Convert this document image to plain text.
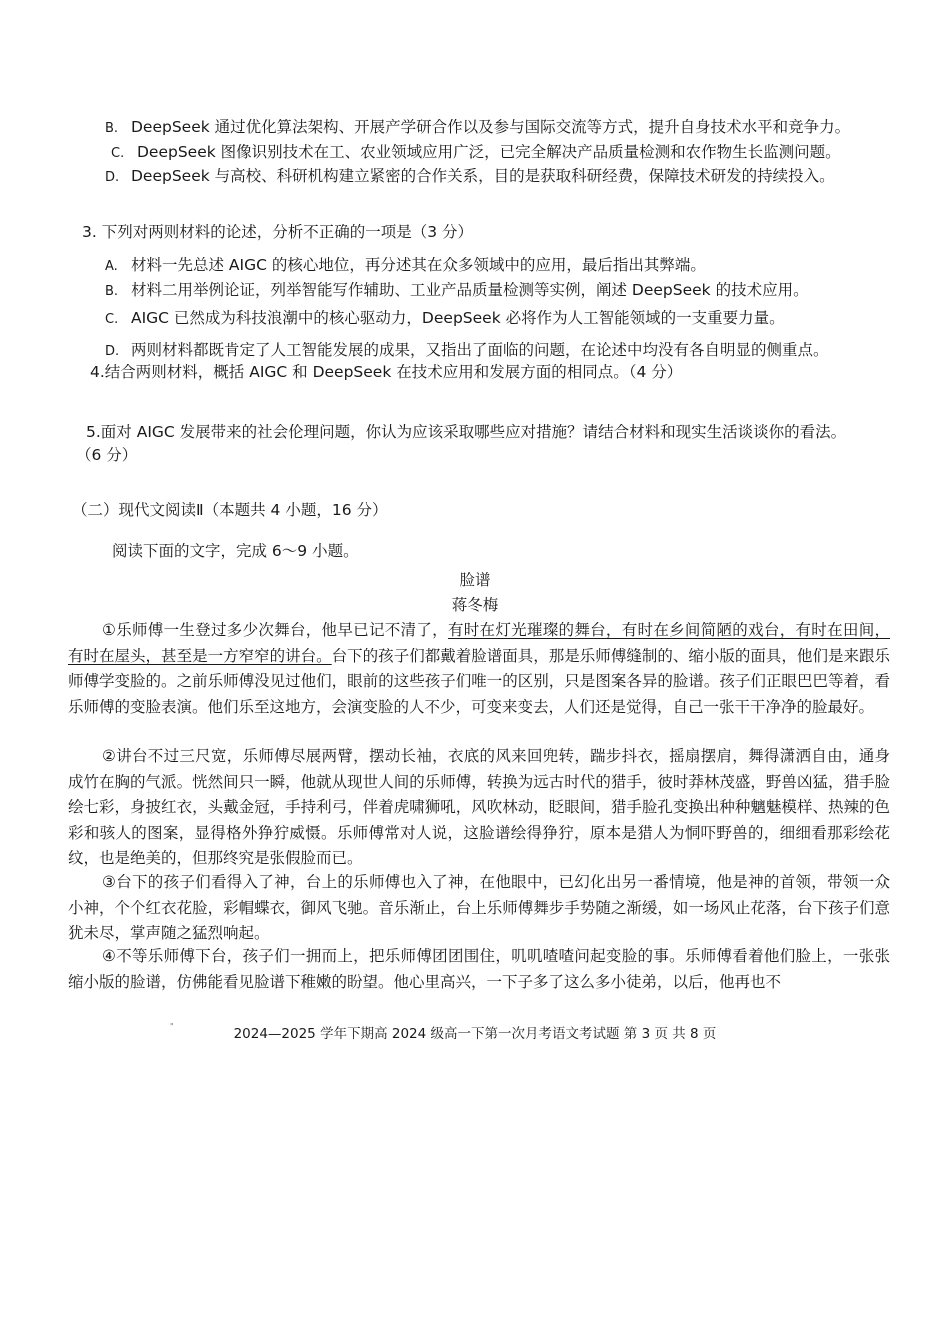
B. DeepSeek 通过优化算法架构、开展产学研合作以及参与国际交流等方式，提升自身技术水平和竞争力。
C. DeepSeek 图像识别技术在工、农业领域应用广泛，已完全解决产品质量检测和农作物生长监测问题。
D. DeepSeek 与高校、科研机构建立紧密的合作关系，目的是获取科研经费，保障技术研发的持续投入。
3. 下列对两则材料的论述，分析不正确的一项是（3 分）
A. 材料一先总述 AIGC 的核心地位，再分述其在众多领域中的应用，最后指出其弊端。
B. 材料二用举例论证，列举智能写作辅助、工业产品质量检测等实例，阐述 DeepSeek 的技术应用。
C. AIGC 已然成为科技浪潮中的核心驱动力，DeepSeek 必将作为人工智能领域的一支重要力量。
D. 两则材料都既肯定了人工智能发展的成果，又指出了面临的问题，在论述中均没有各自明显的侧重点。
4.结合两则材料，概括 AIGC 和 DeepSeek 在技术应用和发展方面的相同点。（4 分）
5.面对 AIGC 发展带来的社会伦理问题，你认为应该采取哪些应对措施？请结合材料和现实生活谈谈你的看法。
（6 分）
（二）现代文阅读Ⅱ（本题共 4 小题，16 分）
阅读下面的文字，完成 6～9 小题。
脸谱
蒋冬梅
①乐师傅一生登过多少次舞台，他早已记不清了，有时在灯光璀璨的舞台，有时在乡间简陋的戏台，有时在田间，有时在屋头，甚至是一方窄窄的讲台。台下的孩子们都戴着脸谱面具，那是乐师傅缝制的、缩小版的面具，他们是来跟乐师傅学变脸的。之前乐师傅没见过他们，眼前的这些孩子们唯一的区别，只是图案各异的脸谱。孩子们正眼巴巴等着，看乐师傅的变脸表演。他们乐至这地方，会演变脸的人不少，可变来变去，人们还是觉得，自己一张干干净净的脸最好。
②讲台不过三尺宽，乐师傅尽展两臂，摆动长袖，衣底的风来回兜转，踹步抖衣，摇扇摆肩，舞得潇洒自由，通身成竹在胸的气派。恍然间只一瞬，他就从现世人间的乐师傅，转换为远古时代的猎手，彼时莽林茂盛，野兽凶猛，猎手脸绘七彩，身披红衣，头戴金冠，手持利弓，伴着虎啸狮吼，风吹林动，眨眼间，猎手脸孔变换出种种魑魅模样、热辣的色彩和骇人的图案，显得格外狰狞威慑。乐师傅常对人说，这脸谱绘得狰狞，原本是猎人为恫吓野兽的，细细看那彩绘花纹，也是绝美的，但那终究是张假脸而已。
③台下的孩子们看得入了神，台上的乐师傅也入了神，在他眼中，已幻化出另一番情境，他是神的首领，带领一众小神，个个红衣花脸，彩帽蝶衣，御风飞驰。音乐渐止，台上乐师傅舞步手势随之渐缓，如一场风止花落，台下孩子们意犹未尽，掌声随之猛烈响起。
④不等乐师傅下台，孩子们一拥而上，把乐师傅团团围住，叽叽喳喳问起变脸的事。乐师傅看着他们脸上，一张张缩小版的脸谱，仿佛能看见脸谱下稚嫩的盼望。他心里高兴，一下子多了这么多小徒弟，以后，他再也不
"	2024—2025 学年下期高 2024 级高一下第一次月考语文考试题 第 3 页 共 8 页
